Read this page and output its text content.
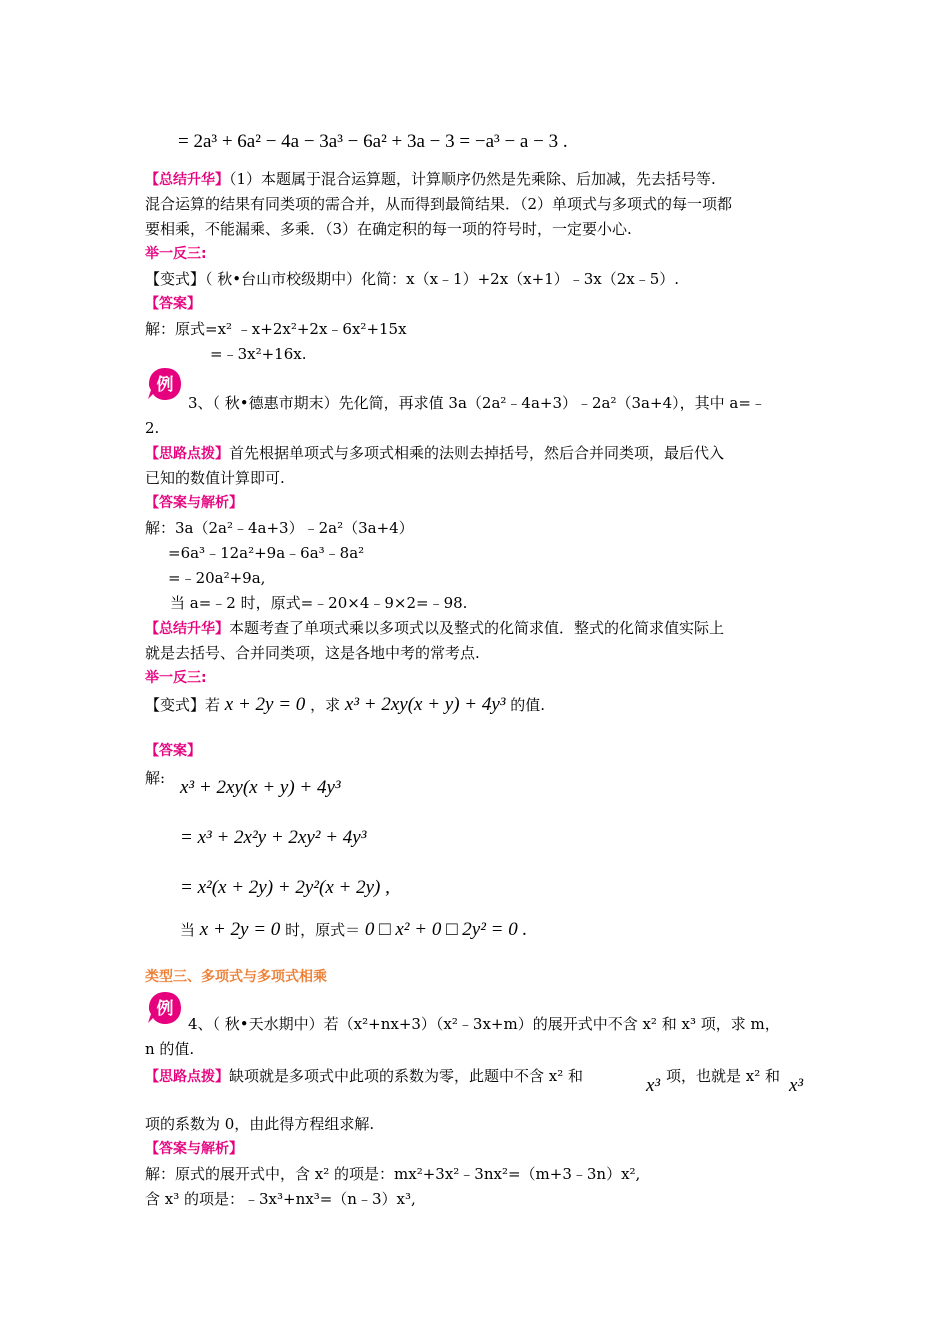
= 2a³ + 6a² − 4a − 3a³ − 6a² + 3a − 3 = −a³ − a − 3 .
【总结升华】（1）本题属于混合运算题，计算顺序仍然是先乘除、后加减，先去括号等.
混合运算的结果有同类项的需合并，从而得到最简结果．（2）单项式与多项式的每一项都
要相乘，不能漏乘、多乘．（3）在确定积的每一项的符号时，一定要小心.
举一反三:
【变式】（ 秋•台山市校级期中）化简：x（x﹣1）+2x（x+1）﹣3x（2x﹣5）.
【答案】
解：原式=x² ﹣x+2x²+2x﹣6x²+15x
=﹣3x²+16x.
例
3、（ 秋•德惠市期末）先化简，再求值 3a（2a²﹣4a+3）﹣2a²（3a+4），其中 a=﹣
2.
【思路点拨】首先根据单项式与多项式相乘的法则去掉括号，然后合并同类项，最后代入
已知的数值计算即可.
【答案与解析】
解：3a（2a²﹣4a+3）﹣2a²（3a+4）
=6a³﹣12a²+9a﹣6a³﹣8a²
=﹣20a²+9a,
当 a=﹣2 时，原式=﹣20×4﹣9×2=﹣98.
【总结升华】本题考查了单项式乘以多项式以及整式的化简求值．整式的化简求值实际上
就是去括号、合并同类项，这是各地中考的常考点.
举一反三:
【变式】若 x + 2y = 0 ，求 x³ + 2xy(x + y) + 4y³ 的值.
【答案】
解: x³ + 2xy(x + y) + 4y³
= x³ + 2x²y + 2xy² + 4y³
= x²(x + 2y) + 2y²(x + 2y) ,
当 x + 2y = 0 时，原式＝ 0 □ x² + 0 □ 2y² = 0 .
类型三、多项式与多项式相乘
例
4、（ 秋•天水期中）若（x²+nx+3）（x²﹣3x+m）的展开式中不含 x² 和 x³ 项，求 m，
n 的值.
【思路点拨】缺项就是多项式中此项的系数为零，此题中不含 x² 和	x³ 项，也就是 x² 和 x³
项的系数为 0，由此得方程组求解.
【答案与解析】
解：原式的展开式中，含 x² 的项是：mx²+3x²﹣3nx²=（m+3﹣3n）x²,
含 x³ 的项是：﹣3x³+nx³=（n﹣3）x³,
